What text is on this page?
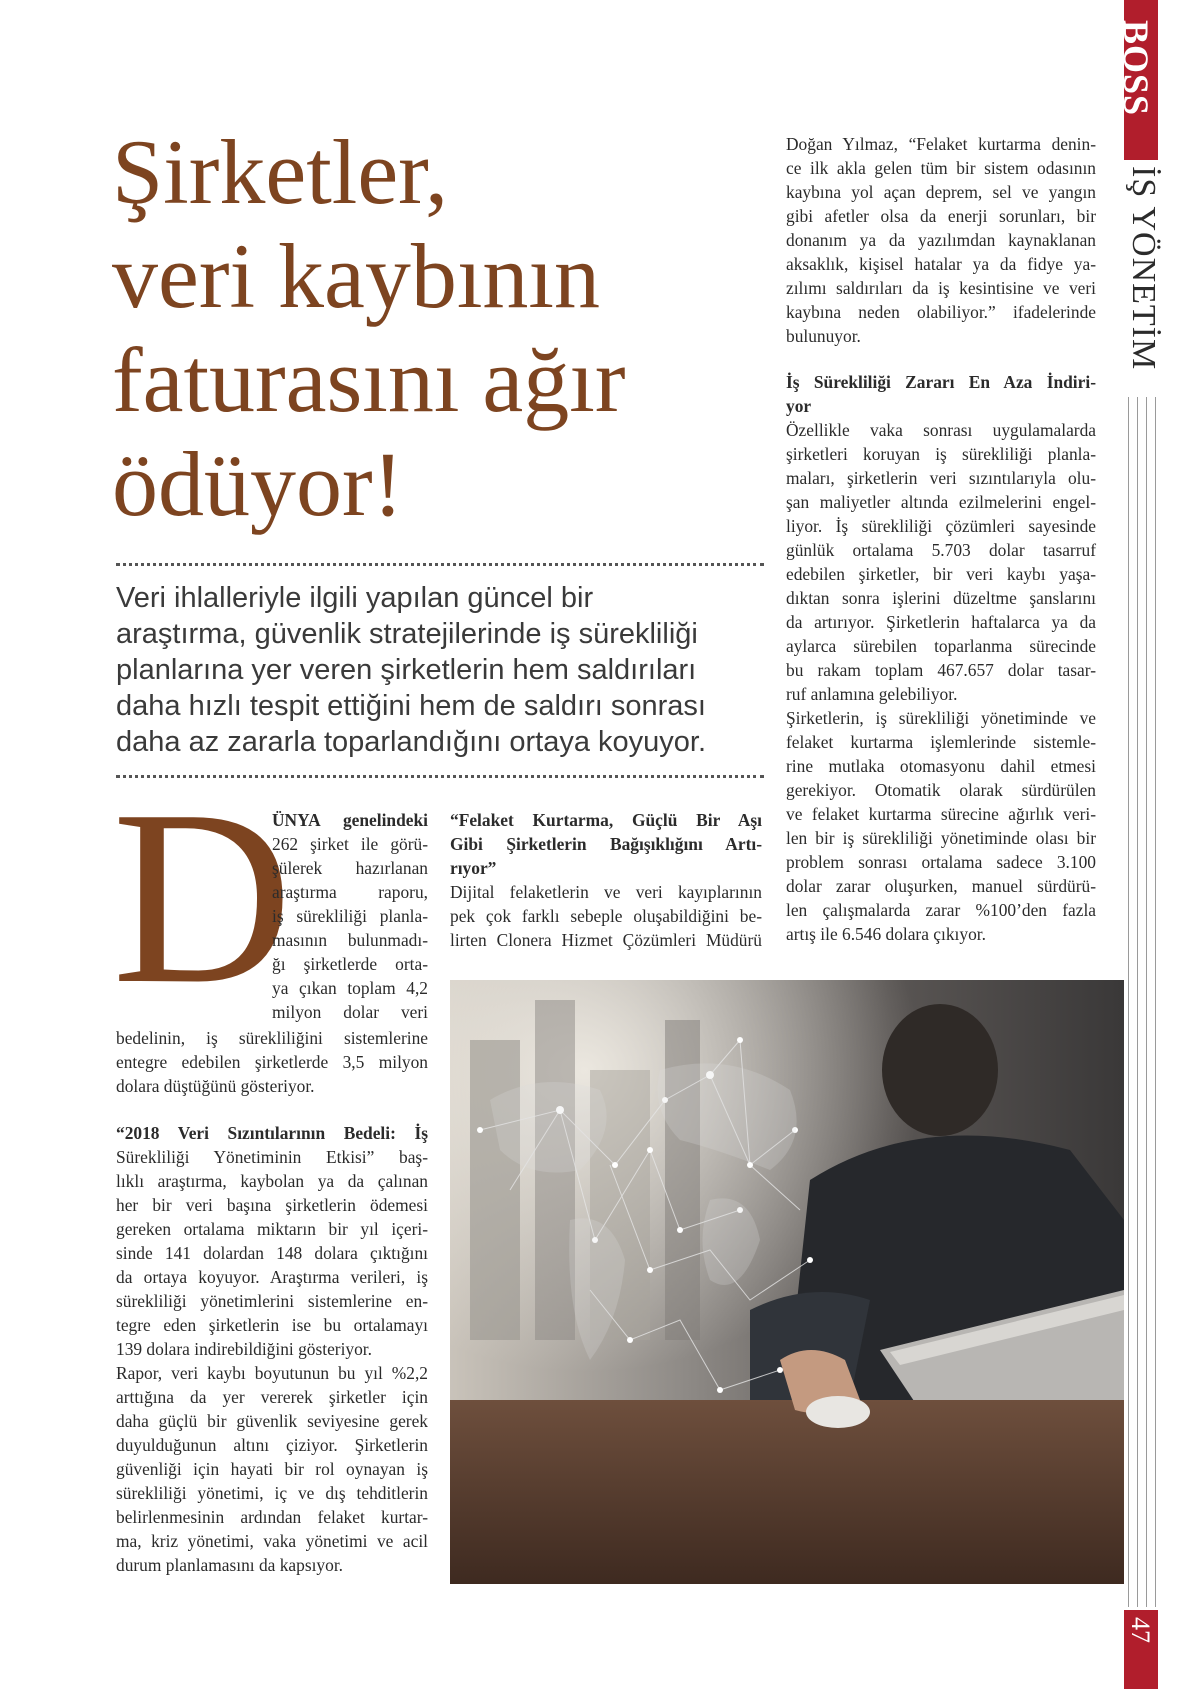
BOSS
İŞ YÖNETİM
47
Şirketler,
veri kaybının
faturasını ağır
ödüyor!
Veri ihlalleriyle ilgili yapılan güncel bir
araştırma, güvenlik stratejilerinde iş sürekliliği
planlarına yer veren şirketlerin hem saldırıları
daha hızlı tespit ettiğini hem de saldırı sonrası
daha az zararla toparlandığını ortaya koyuyor.
D
ÜNYA genelindeki
262 şirket ile görü-
şülerek hazırlanan
araştırma raporu,
iş sürekliliği planla-
masının bulunmadı-
ğı şirketlerde orta-
ya çıkan toplam 4,2
milyon dolar veri
bedelinin, iş sürekliliğini sistemlerine
entegre edebilen şirketlerde 3,5 milyon
dolara düştüğünü gösteriyor.
“2018 Veri Sızıntılarının Bedeli: İş
Sürekliliği Yönetiminin Etkisi” baş-
lıklı araştırma, kaybolan ya da çalınan
her bir veri başına şirketlerin ödemesi
gereken ortalama miktarın bir yıl içeri-
sinde 141 dolardan 148 dolara çıktığını
da ortaya koyuyor. Araştırma verileri, iş
sürekliliği yönetimlerini sistemlerine en-
tegre eden şirketlerin ise bu ortalamayı
139 dolara indirebildiğini gösteriyor.
Rapor, veri kaybı boyutunun bu yıl %2,2
arttığına da yer vererek şirketler için
daha güçlü bir güvenlik seviyesine gerek
duyulduğunun altını çiziyor. Şirketlerin
güvenliği için hayati bir rol oynayan iş
sürekliliği yönetimi, iç ve dış tehditlerin
belirlenmesinin ardından felaket kurtar-
ma, kriz yönetimi, vaka yönetimi ve acil
durum planlamasını da kapsıyor.
“Felaket Kurtarma, Güçlü Bir Aşı
Gibi Şirketlerin Bağışıklığını Artı-
rıyor”
Dijital felaketlerin ve veri kayıplarının
pek çok farklı sebeple oluşabildiğini be-
lirten Clonera Hizmet Çözümleri Müdürü
Doğan Yılmaz, “Felaket kurtarma denin-
ce ilk akla gelen tüm bir sistem odasının
kaybına yol açan deprem, sel ve yangın
gibi afetler olsa da enerji sorunları, bir
donanım ya da yazılımdan kaynaklanan
aksaklık, kişisel hatalar ya da fidye ya-
zılımı saldırıları da iş kesintisine ve veri
kaybına neden olabiliyor.” ifadelerinde
bulunuyor.
İş Sürekliliği Zararı En Aza İndiri-
yor
Özellikle vaka sonrası uygulamalarda
şirketleri koruyan iş sürekliliği planla-
maları, şirketlerin veri sızıntılarıyla olu-
şan maliyetler altında ezilmelerini engel-
liyor. İş sürekliliği çözümleri sayesinde
günlük ortalama 5.703 dolar tasarruf
edebilen şirketler, bir veri kaybı yaşa-
dıktan sonra işlerini düzeltme şanslarını
da artırıyor. Şirketlerin haftalarca ya da
aylarca sürebilen toparlanma sürecinde
bu rakam toplam 467.657 dolar tasar-
ruf anlamına gelebiliyor.
Şirketlerin, iş sürekliliği yönetiminde ve
felaket kurtarma işlemlerinde sistemle-
rine mutlaka otomasyonu dahil etmesi
gerekiyor. Otomatik olarak sürdürülen
ve felaket kurtarma sürecine ağırlık veri-
len bir iş sürekliliği yönetiminde olası bir
problem sonrası ortalama sadece 3.100
dolar zarar oluşurken, manuel sürdürü-
len çalışmalarda zarar %100’den fazla
artış ile 6.546 dolara çıkıyor.
